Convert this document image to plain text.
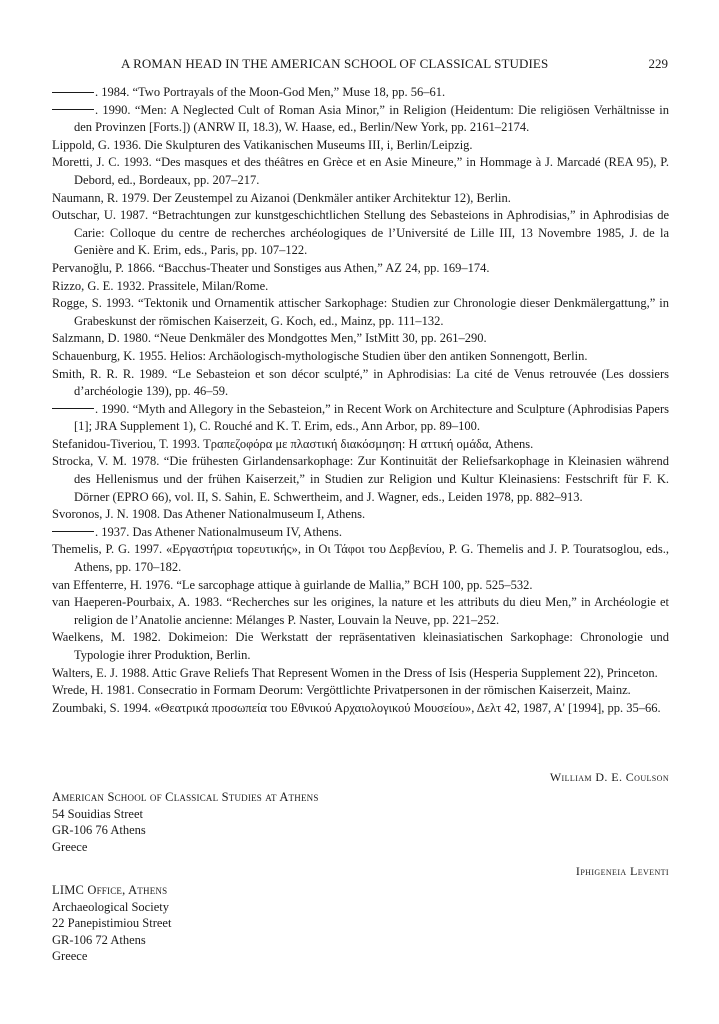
A ROMAN HEAD IN THE AMERICAN SCHOOL OF CLASSICAL STUDIES	229
. 1984. “Two Portrayals of the Moon-God Men,” Muse 18, pp. 56–61.
. 1990. “Men: A Neglected Cult of Roman Asia Minor,” in Religion (Heidentum: Die religiösen Verhältnisse in den Provinzen [Forts.]) (ANRW II, 18.3), W. Haase, ed., Berlin/New York, pp. 2161–2174.
Lippold, G. 1936. Die Skulpturen des Vatikanischen Museums III, i, Berlin/Leipzig.
Moretti, J. C. 1993. “Des masques et des théâtres en Grèce et en Asie Mineure,” in Hommage à J. Marcadé (REA 95), P. Debord, ed., Bordeaux, pp. 207–217.
Naumann, R. 1979. Der Zeustempel zu Aizanoi (Denkmäler antiker Architektur 12), Berlin.
Outschar, U. 1987. “Betrachtungen zur kunstgeschichtlichen Stellung des Sebasteions in Aphrodisias,” in Aphrodisias de Carie: Colloque du centre de recherches archéologiques de l’Université de Lille III, 13 Novembre 1985, J. de la Genière and K. Erim, eds., Paris, pp. 107–122.
Pervanoğlu, P. 1866. “Bacchus-Theater und Sonstiges aus Athen,” AZ 24, pp. 169–174.
Rizzo, G. E. 1932. Prassitele, Milan/Rome.
Rogge, S. 1993. “Tektonik und Ornamentik attischer Sarkophage: Studien zur Chronologie dieser Denkmälergattung,” in Grabeskunst der römischen Kaiserzeit, G. Koch, ed., Mainz, pp. 111–132.
Salzmann, D. 1980. “Neue Denkmäler des Mondgottes Men,” IstMitt 30, pp. 261–290.
Schauenburg, K. 1955. Helios: Archäologisch-mythologische Studien über den antiken Sonnengott, Berlin.
Smith, R. R. R. 1989. “Le Sebasteion et son décor sculpté,” in Aphrodisias: La cité de Venus retrouvée (Les dossiers d’archéologie 139), pp. 46–59.
. 1990. “Myth and Allegory in the Sebasteion,” in Recent Work on Architecture and Sculpture (Aphrodisias Papers [1]; JRA Supplement 1), C. Rouché and K. T. Erim, eds., Ann Arbor, pp. 89–100.
Stefanidou-Tiveriou, T. 1993. Τραπεζοφόρα με πλαστική διακόσμηση: Η αττική ομάδα, Athens.
Strocka, V. M. 1978. “Die frühesten Girlandensarkophage: Zur Kontinuität der Reliefsarkophage in Kleinasien während des Hellenismus und der frühen Kaiserzeit,” in Studien zur Religion und Kultur Kleinasiens: Festschrift für F. K. Dörner (EPRO 66), vol. II, S. Sahin, E. Schwertheim, and J. Wagner, eds., Leiden 1978, pp. 882–913.
Svoronos, J. N. 1908. Das Athener Nationalmuseum I, Athens.
. 1937. Das Athener Nationalmuseum IV, Athens.
Themelis, P. G. 1997. «Εργαστήρια τορευτικής», in Οι Τάφοι του Δερβενίου, P. G. Themelis and J. P. Touratsoglou, eds., Athens, pp. 170–182.
van Effenterre, H. 1976. “Le sarcophage attique à guirlande de Mallia,” BCH 100, pp. 525–532.
van Haeperen-Pourbaix, A. 1983. “Recherches sur les origines, la nature et les attributs du dieu Men,” in Archéologie et religion de l’Anatolie ancienne: Mélanges P. Naster, Louvain la Neuve, pp. 221–252.
Waelkens, M. 1982. Dokimeion: Die Werkstatt der repräsentativen kleinasiatischen Sarkophage: Chronologie und Typologie ihrer Produktion, Berlin.
Walters, E. J. 1988. Attic Grave Reliefs That Represent Women in the Dress of Isis (Hesperia Supplement 22), Princeton.
Wrede, H. 1981. Consecratio in Formam Deorum: Vergöttlichte Privatpersonen in der römischen Kaiserzeit, Mainz.
Zoumbaki, S. 1994. «Θεατρικά προσωπεία του Εθνικού Αρχαιολογικού Μουσείου», Δελτ 42, 1987, Α' [1994], pp. 35–66.
William D. E. Coulson
American School of Classical Studies at Athens
54 Souidias Street
GR-106 76 Athens
Greece
Iphigeneia Leventi
LIMC Office, Athens
Archaeological Society
22 Panepistimiou Street
GR-106 72 Athens
Greece
